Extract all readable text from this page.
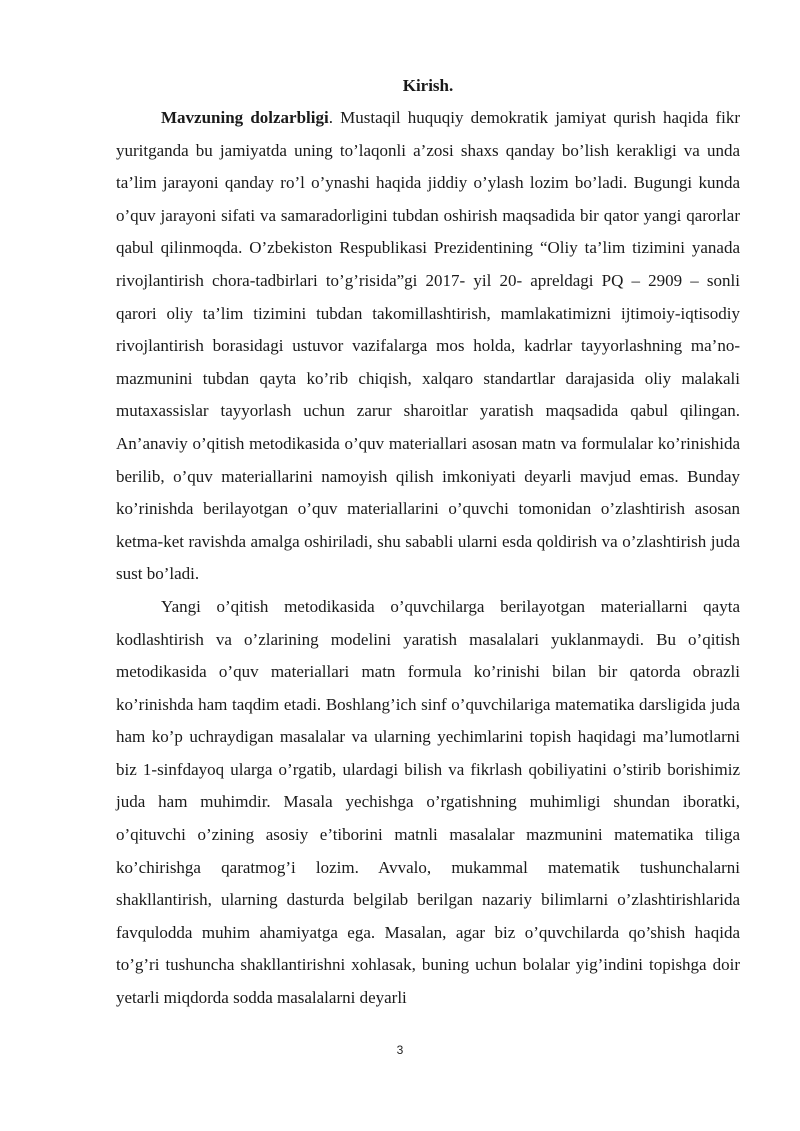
Kirish.

Mavzuning dolzarbligi. Mustaqil huquqiy demokratik jamiyat qurish haqida fikr yuritganda bu jamiyatda uning to’laqonli a’zosi shaxs qanday bo’lish kerakligi va unda ta’lim jarayoni qanday ro’l o’ynashi haqida jiddiy o’ylash lozim bo’ladi. Bugungi kunda o’quv jarayoni sifati va samaradorligini tubdan oshirish maqsadida bir qator yangi qarorlar qabul qilinmoqda. O’zbekiston Respublikasi Prezidentining “Oliy ta’lim tizimini yanada rivojlantirish chora-tadbirlari to’g’risida”gi 2017- yil 20- apreldagi PQ – 2909 – sonli qarori oliy ta’lim tizimini tubdan takomillashtirish, mamlakatimizni ijtimoiy-iqtisodiy rivojlantirish borasidagi ustuvor vazifalarga mos holda, kadrlar tayyorlashning ma’no-mazmunini tubdan qayta ko’rib chiqish, xalqaro standartlar darajasida oliy malakali mutaxassislar tayyorlash uchun zarur sharoitlar yaratish maqsadida qabul qilingan. An’anaviy o’qitish metodikasida o’quv materiallari asosan matn va formulalar ko’rinishida berilib, o’quv materiallarini namoyish qilish imkoniyati deyarli mavjud emas. Bunday ko’rinishda berilayotgan o’quv materiallarini o’quvchi tomonidan o’zlashtirish asosan ketma-ket ravishda amalga oshiriladi, shu sababli ularni esda qoldirish va o’zlashtirish juda sust bo’ladi.

Yangi o’qitish metodikasida o’quvchilarga berilayotgan materiallarni qayta kodlashtirish va o’zlarining modelini yaratish masalalari yuklanmaydi. Bu o’qitish metodikasida o’quv materiallari matn formula ko’rinishi bilan bir qatorda obrazli ko’rinishda ham taqdim etadi. Boshlang’ich sinf o’quvchilariga matematika darsligida juda ham ko’p uchraydigan masalalar va ularning yechimlarini topish haqidagi ma’lumotlarni biz 1-sinfdayoq ularga o’rgatib, ulardagi bilish va fikrlash qobiliyatini o’stirib borishimiz juda ham muhimdir. Masala yechishga o’rgatishning muhimligi shundan iboratki, o’qituvchi o’zining asosiy e’tiborini matnli masalalar mazmunini matematika tiliga ko’chirishga qaratmog’i lozim. Avvalo, mukammal matematik tushunchalarni shakllantirish, ularning dasturda belgilab berilgan nazariy bilimlarni o’zlashtirishlarida favqulodda muhim ahamiyatga ega. Masalan, agar biz o’quvchilarda qo’shish haqida to’g’ri tushuncha shakllantirishni xohlasak, buning uchun bolalar yig’indini topishga doir yetarli miqdorda sodda masalalarni deyarli

3
